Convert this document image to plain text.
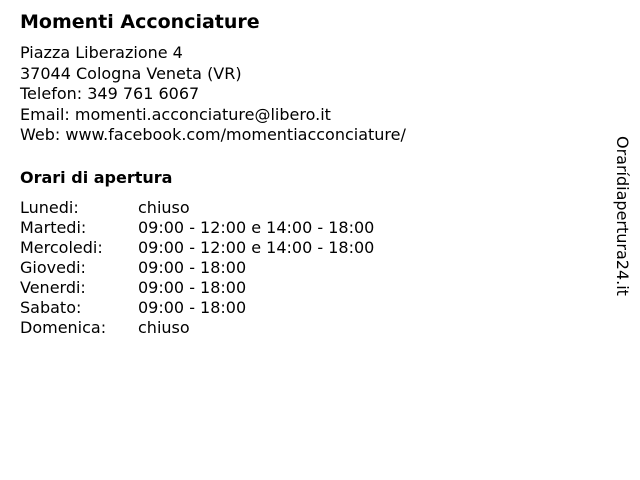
Momenti Acconciature
Piazza Liberazione 4
37044 Cologna Veneta (VR)
Telefon: 349 761 6067
Email: momenti.acconciature@libero.it
Web: www.facebook.com/momentiacconciature/
Orari di apertura
Lunedi:	chiuso
Martedi:	09:00 - 12:00 e 14:00 - 18:00
Mercoledi:	09:00 - 12:00 e 14:00 - 18:00
Giovedi:	09:00 - 18:00
Venerdi:	09:00 - 18:00
Sabato:	09:00 - 18:00
Domenica:	chiuso
Orarídiapertura24.it
